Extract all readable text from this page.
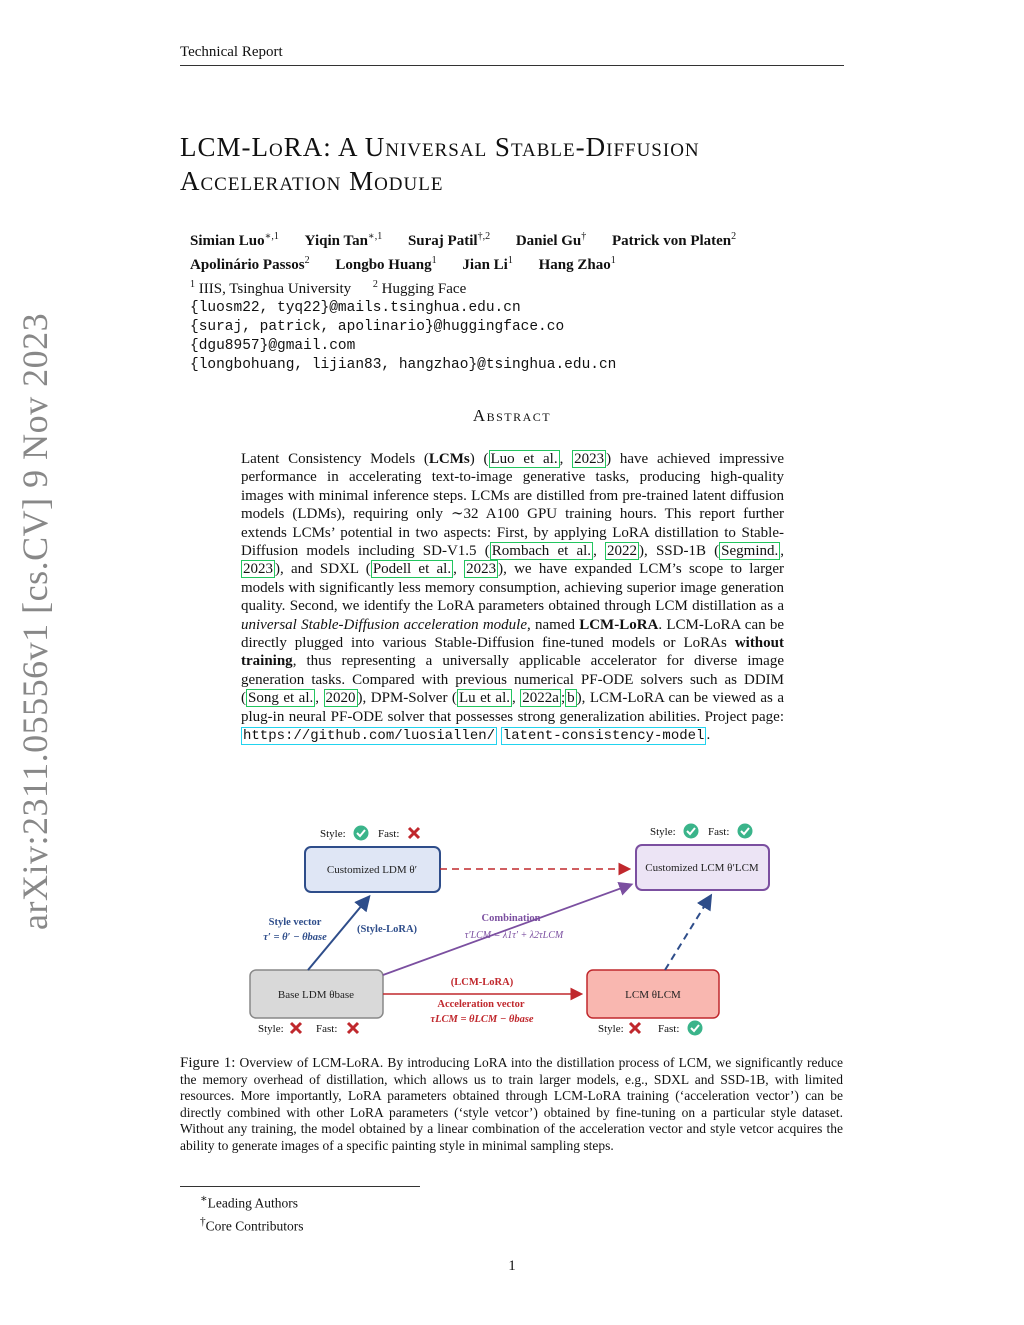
Technical Report
arXiv:2311.05556v1 [cs.CV] 9 Nov 2023
LCM-LoRA: A Universal Stable-Diffusion
Acceleration Module
Simian Luo$^{∗,1}$ Yiqin Tan$^{∗,1}$ Suraj Patil$^{\dagger,2}$ Daniel Gu† Patrick von Platen$^2$
Apolinário Passos$^2$ Longbo Huang$^1$ Jian Li$^1$ Hang Zhao$^1$
$^1$ IIIS, Tsinghua University $^2$ Hugging Face
{luosm22, tyq22}@mails.tsinghua.edu.cn
{suraj, patrick, apolinario}@huggingface.co
{dgu8957}@gmail.com
{longbohuang, lijian83, hangzhao}@tsinghua.edu.cn
Abstract
Latent Consistency Models (LCMs) ( Luo et al. , 2023 ) have achieved impressive performance in accelerating text-to-image generative tasks, producing high-quality images with minimal inference steps. LCMs are distilled from pre-trained latent diffusion models (LDMs), requiring only ∼32 A100 GPU training hours. This report further extends LCMs’ potential in two aspects: First, by applying LoRA distillation to Stable-Diffusion models including SD-V1.5 ( Rombach et al. , 2022 ), SSD-1B ( Segmind. , 2023 ), and SDXL ( Podell et al. , 2023 ), we have expanded LCM’s scope to larger models with significantly less memory consumption, achieving superior image generation quality. Second, we identify the LoRA parameters obtained through LCM distillation as a universal Stable-Diffusion acceleration module, named LCM-LoRA. LCM-LoRA can be directly plugged into various Stable-Diffusion fine-tuned models or LoRAs without training, thus representing a universally applicable accelerator for diverse image generation tasks. Compared with previous numerical PF-ODE solvers such as DDIM ( Song et al. , 2020 ), DPM-Solver ( Lu et al. , 2022a ; b ), LCM-LoRA can be viewed as a plug-in neural PF-ODE solver that possesses strong generalization abilities. Project page: https://github.com/luosiallen/ latent-consistency-model .
Style:	Fast:	Style:	Fast:
Customized LDM θ′	Customized LCM θ′LCM
Base LDM θbase	LCM θLCM
Style vector
τ′ = θ′ − θbase
(Style-LoRA)
Combination
τ′LCM = λ1τ′ + λ2τLCM
(LCM-LoRA)
Acceleration vector
τLCM = θLCM − θbase
Style:	Fast:	Style:	Fast:
Figure 1: Overview of LCM-LoRA. By introducing LoRA into the distillation process of LCM, we significantly reduce the memory overhead of distillation, which allows us to train larger models, e.g., SDXL and SSD-1B, with limited resources. More importantly, LoRA parameters obtained through LCM-LoRA training (‘acceleration vector’) can be directly combined with other LoRA parameters (‘style vetcor’) obtained by fine-tuning on a particular style dataset. Without any training, the model obtained by a linear combination of the acceleration vector and style vetcor acquires the ability to generate images of a specific painting style in minimal sampling steps.
∗Leading Authors
†Core Contributors
1
